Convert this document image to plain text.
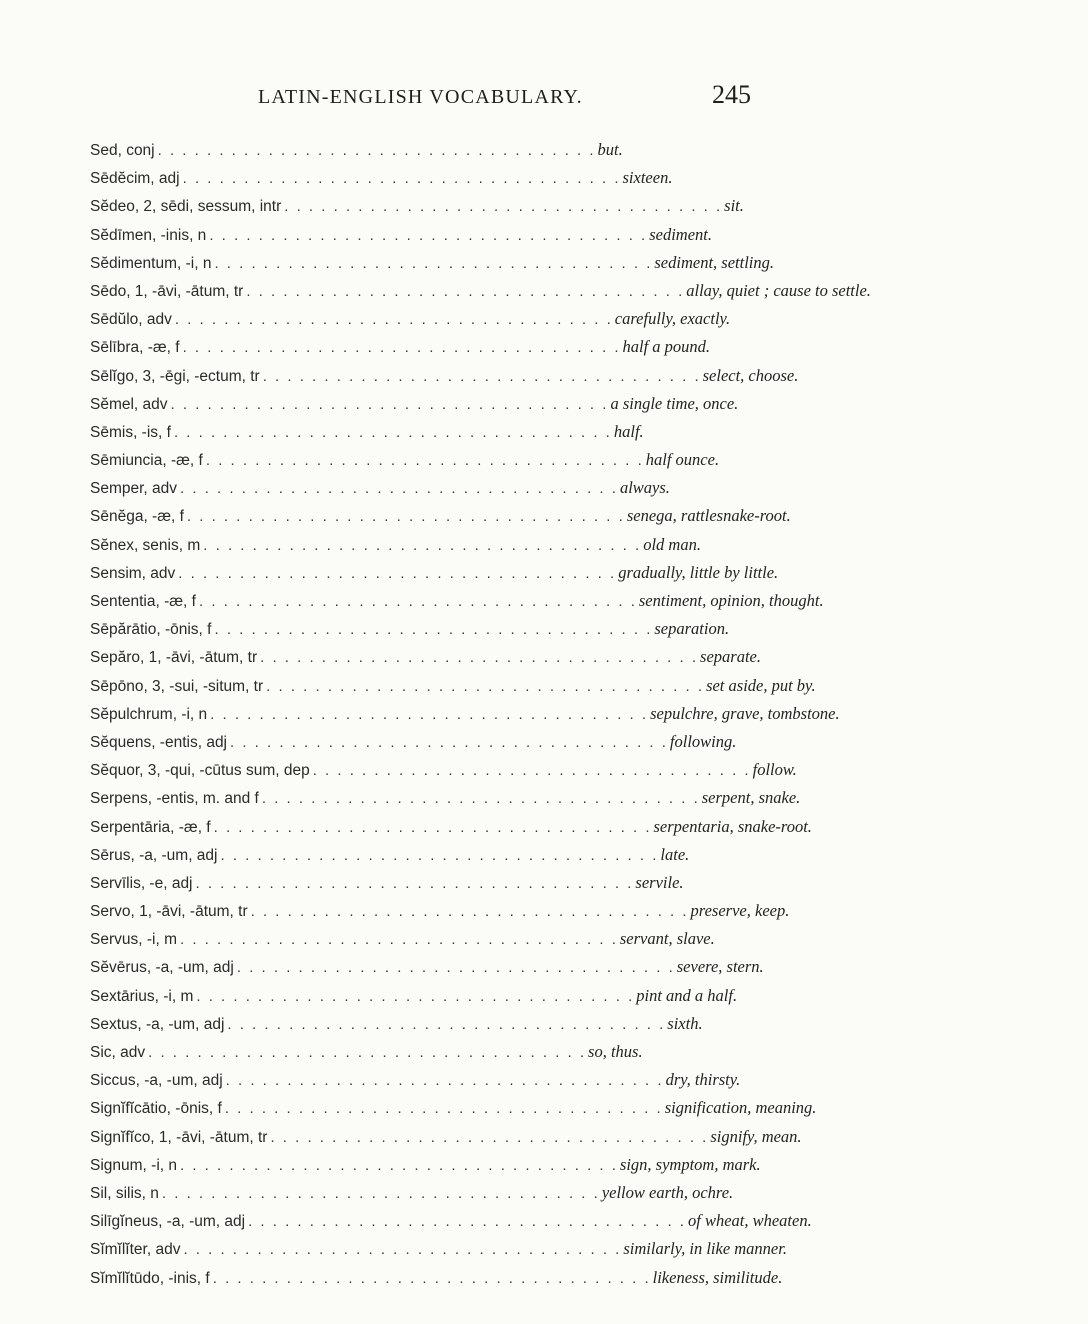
LATIN-ENGLISH VOCABULARY.	245
Sed, conj . . . . . . . . . . . . . . . . . . . . . . . . . . . . . . . . . . . . but.
Sēdĕcim, adj . . . . . . . . . . . . . . . . . . . . . . . . . . . . . . . . . . . . sixteen.
Sĕdeo, 2, sēdi, sessum, intr . . . . . . . . . . . . . . . . . . . . . . . . . . . . . . . . . . . . sit.
Sĕdīmen, -inis, n . . . . . . . . . . . . . . . . . . . . . . . . . . . . . . . . . . . . sediment.
Sĕdimentum, -i, n . . . . . . . . . . . . . . . . . . . . . . . . . . . . . . . . . . . . sediment, settling.
Sēdo, 1, -āvi, -ātum, tr . . . . . . . . . . . . . . . . . . . . . . . . . . . . . . . . . . . . allay, quiet ; cause to settle.
Sēdŭlo, adv . . . . . . . . . . . . . . . . . . . . . . . . . . . . . . . . . . . . carefully, exactly.
Sēlībra, -æ, f . . . . . . . . . . . . . . . . . . . . . . . . . . . . . . . . . . . . half a pound.
Sēlĭgo, 3, -ēgi, -ectum, tr . . . . . . . . . . . . . . . . . . . . . . . . . . . . . . . . . . . . select, choose.
Sĕmel, adv . . . . . . . . . . . . . . . . . . . . . . . . . . . . . . . . . . . . a single time, once.
Sēmis, -is, f . . . . . . . . . . . . . . . . . . . . . . . . . . . . . . . . . . . . half.
Sēmiuncia, -æ, f . . . . . . . . . . . . . . . . . . . . . . . . . . . . . . . . . . . . half ounce.
Semper, adv . . . . . . . . . . . . . . . . . . . . . . . . . . . . . . . . . . . . always.
Sēnĕga, -æ, f . . . . . . . . . . . . . . . . . . . . . . . . . . . . . . . . . . . . senega, rattlesnake-root.
Sĕnex, senis, m . . . . . . . . . . . . . . . . . . . . . . . . . . . . . . . . . . . . old man.
Sensim, adv . . . . . . . . . . . . . . . . . . . . . . . . . . . . . . . . . . . . gradually, little by little.
Sententia, -æ, f . . . . . . . . . . . . . . . . . . . . . . . . . . . . . . . . . . . . sentiment, opinion, thought.
Sēpărātio, -ōnis, f . . . . . . . . . . . . . . . . . . . . . . . . . . . . . . . . . . . . separation.
Sepăro, 1, -āvi, -ātum, tr . . . . . . . . . . . . . . . . . . . . . . . . . . . . . . . . . . . . separate.
Sēpōno, 3, -sui, -situm, tr . . . . . . . . . . . . . . . . . . . . . . . . . . . . . . . . . . . . set aside, put by.
Sĕpulchrum, -i, n . . . . . . . . . . . . . . . . . . . . . . . . . . . . . . . . . . . . sepulchre, grave, tombstone.
Sĕquens, -entis, adj . . . . . . . . . . . . . . . . . . . . . . . . . . . . . . . . . . . . following.
Sĕquor, 3, -qui, -cūtus sum, dep . . . . . . . . . . . . . . . . . . . . . . . . . . . . . . . . . . . . follow.
Serpens, -entis, m. and f . . . . . . . . . . . . . . . . . . . . . . . . . . . . . . . . . . . . serpent, snake.
Serpentāria, -æ, f . . . . . . . . . . . . . . . . . . . . . . . . . . . . . . . . . . . . serpentaria, snake-root.
Sērus, -a, -um, adj . . . . . . . . . . . . . . . . . . . . . . . . . . . . . . . . . . . . late.
Servīlis, -e, adj . . . . . . . . . . . . . . . . . . . . . . . . . . . . . . . . . . . . servile.
Servo, 1, -āvi, -ātum, tr . . . . . . . . . . . . . . . . . . . . . . . . . . . . . . . . . . . . preserve, keep.
Servus, -i, m . . . . . . . . . . . . . . . . . . . . . . . . . . . . . . . . . . . . servant, slave.
Sĕvērus, -a, -um, adj . . . . . . . . . . . . . . . . . . . . . . . . . . . . . . . . . . . . severe, stern.
Sextārius, -i, m . . . . . . . . . . . . . . . . . . . . . . . . . . . . . . . . . . . . pint and a half.
Sextus, -a, -um, adj . . . . . . . . . . . . . . . . . . . . . . . . . . . . . . . . . . . . sixth.
Sic, adv . . . . . . . . . . . . . . . . . . . . . . . . . . . . . . . . . . . . so, thus.
Siccus, -a, -um, adj . . . . . . . . . . . . . . . . . . . . . . . . . . . . . . . . . . . . dry, thirsty.
Signĭfĭcātio, -ōnis, f . . . . . . . . . . . . . . . . . . . . . . . . . . . . . . . . . . . . signification, meaning.
Signĭfĭco, 1, -āvi, -ātum, tr . . . . . . . . . . . . . . . . . . . . . . . . . . . . . . . . . . . . signify, mean.
Signum, -i, n . . . . . . . . . . . . . . . . . . . . . . . . . . . . . . . . . . . . sign, symptom, mark.
Sil, silis, n . . . . . . . . . . . . . . . . . . . . . . . . . . . . . . . . . . . . yellow earth, ochre.
Silīgĭneus, -a, -um, adj . . . . . . . . . . . . . . . . . . . . . . . . . . . . . . . . . . . . of wheat, wheaten.
Sĭmĭlĭter, adv . . . . . . . . . . . . . . . . . . . . . . . . . . . . . . . . . . . . similarly, in like manner.
Sĭmĭlĭtūdo, -inis, f . . . . . . . . . . . . . . . . . . . . . . . . . . . . . . . . . . . . likeness, similitude.
